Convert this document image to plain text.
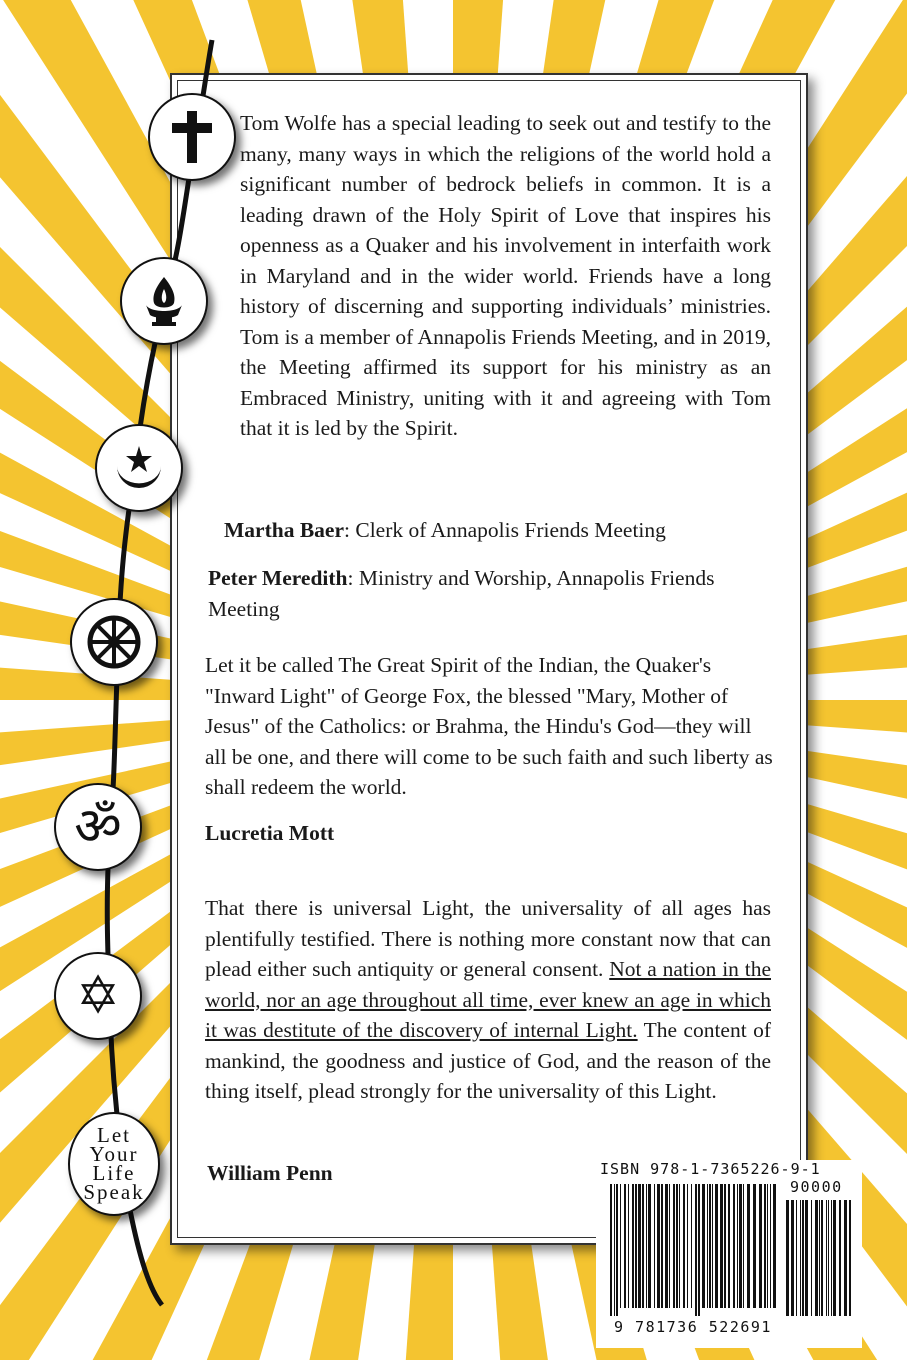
Tom Wolfe has a special leading to seek out and testify to the many, many ways in which the religions of the world hold a significant number of bedrock beliefs in common. It is a leading drawn of the Holy Spirit of Love that inspires his openness as a Quaker and his involvement in interfaith work in Maryland and in the wider world. Friends have a long history of discerning and supporting individuals’ ministries. Tom is a member of Annapolis Friends Meeting, and in 2019, the Meeting affirmed its support for his ministry as an Embraced Ministry, uniting with it and agreeing with Tom that it is led by the Spirit.

Martha Baer: Clerk of Annapolis Friends Meeting

Peter Meredith: Ministry and Worship, Annapolis Friends Meeting

Let it be called The Great Spirit of the Indian, the Quaker's "Inward Light" of George Fox, the blessed "Mary, Mother of Jesus" of the Catholics: or Brahma, the Hindu's God—they will all be one, and there will come to be such faith and such liberty as shall redeem the world.

Lucretia Mott

That there is universal Light, the universality of all ages has plentifully testified. There is nothing more constant now that can plead either such antiquity or general consent. Not a nation in the world, nor an age throughout all time, ever knew an age in which it was destitute of the discovery of internal Light. The content of mankind, the goodness and justice of God, and the reason of the thing itself, plead strongly for the universality of this Light.

William Penn
ॐ
✡
Let
Your
Life
Speak
ISBN 978-1-7365226-9-1
90000
9 781736 522691
